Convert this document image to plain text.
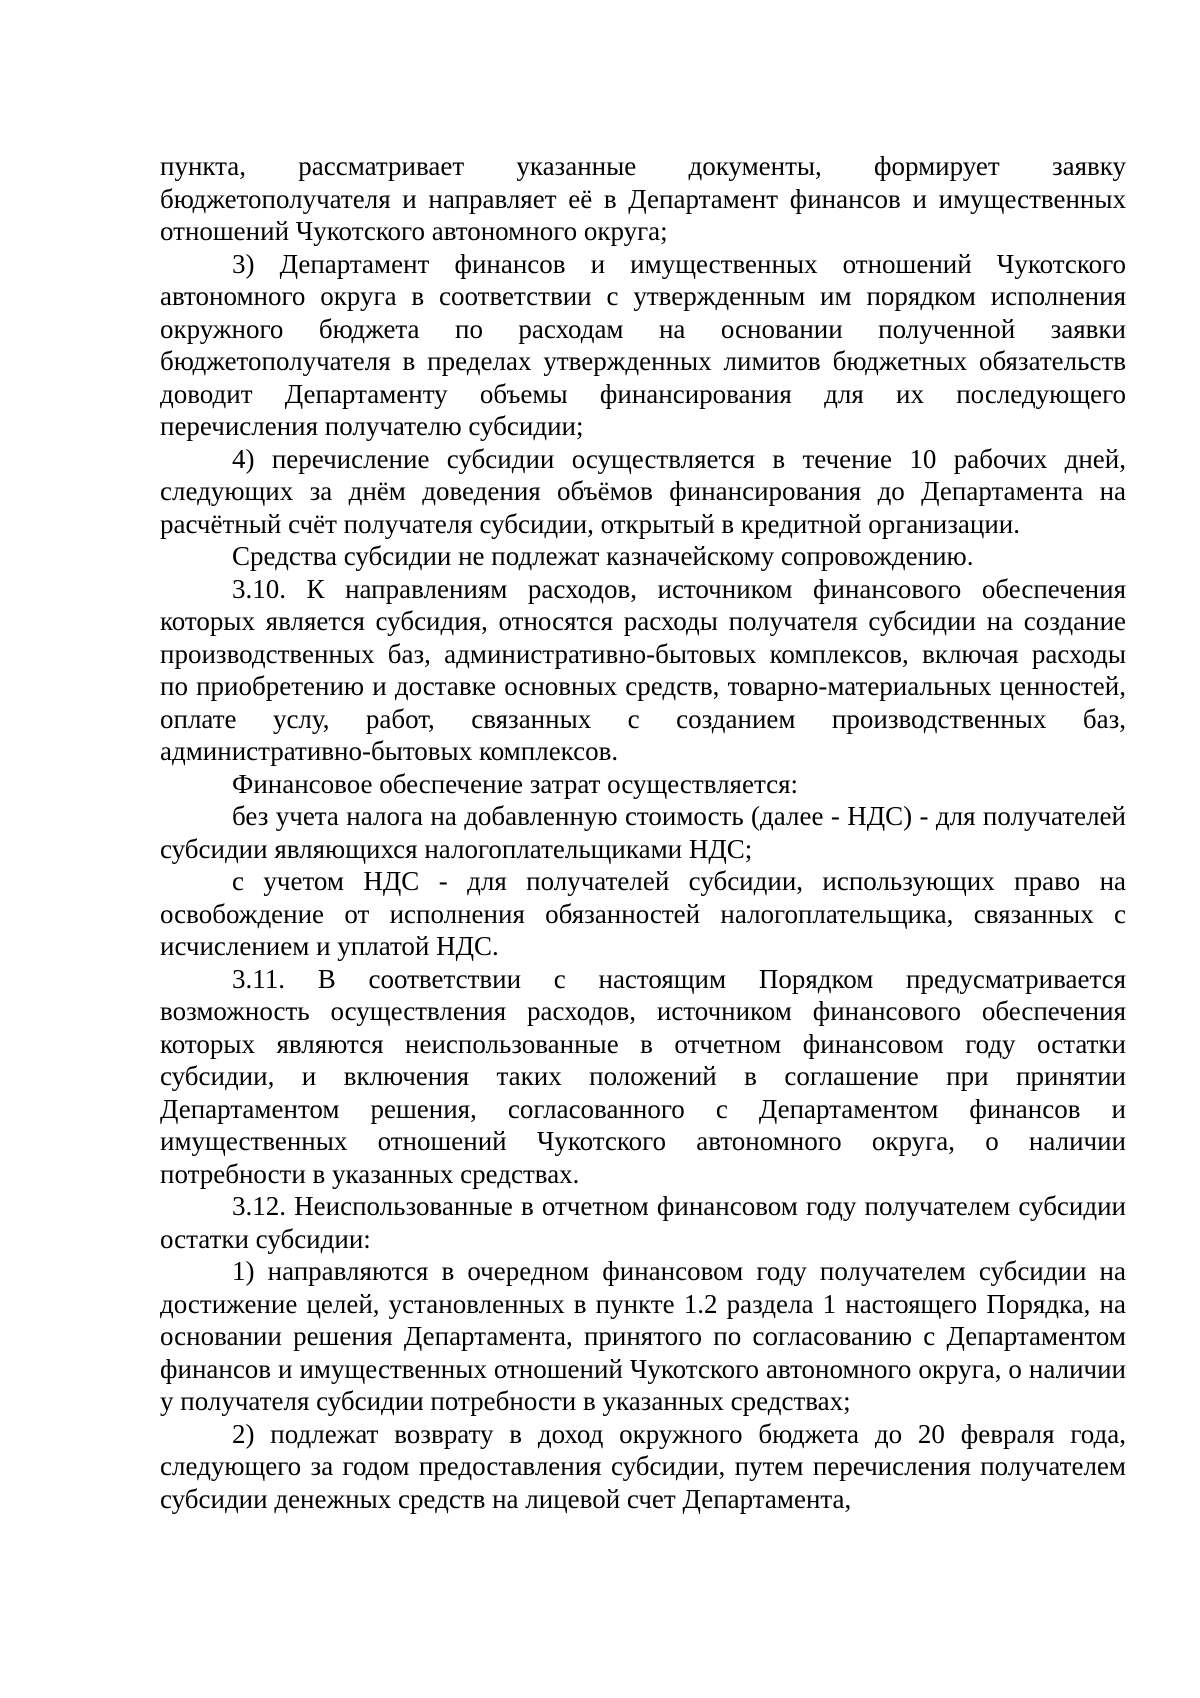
пункта, рассматривает указанные документы, формирует заявку бюджетополучателя и направляет её в Департамент финансов и имущественных отношений Чукотского автономного округа;

3) Департамент финансов и имущественных отношений Чукотского автономного округа в соответствии с утвержденным им порядком исполнения окружного бюджета по расходам на основании полученной заявки бюджетополучателя в пределах утвержденных лимитов бюджетных обязательств доводит Департаменту объемы финансирования для их последующего перечисления получателю субсидии;

4) перечисление субсидии осуществляется в течение 10 рабочих дней, следующих за днём доведения объёмов финансирования до Департамента на расчётный счёт получателя субсидии, открытый в кредитной организации.

Средства субсидии не подлежат казначейскому сопровождению.

3.10. К направлениям расходов, источником финансового обеспечения которых является субсидия, относятся расходы получателя субсидии на создание производственных баз, административно-бытовых комплексов, включая расходы по приобретению и доставке основных средств, товарно-материальных ценностей, оплате услу, работ, связанных с созданием производственных баз, административно-бытовых комплексов.

Финансовое обеспечение затрат осуществляется:

без учета налога на добавленную стоимость (далее - НДС) - для получателей субсидии являющихся налогоплательщиками НДС;

с учетом НДС - для получателей субсидии, использующих право на освобождение от исполнения обязанностей налогоплательщика, связанных с исчислением и уплатой НДС.

3.11. В соответствии с настоящим Порядком предусматривается возможность осуществления расходов, источником финансового обеспечения которых являются неиспользованные в отчетном финансовом году остатки субсидии, и включения таких положений в соглашение при принятии Департаментом решения, согласованного с Департаментом финансов и имущественных отношений Чукотского автономного округа, о наличии потребности в указанных средствах.

3.12. Неиспользованные в отчетном финансовом году получателем субсидии остатки субсидии:

1) направляются в очередном финансовом году получателем субсидии на достижение целей, установленных в пункте 1.2 раздела 1 настоящего Порядка, на основании решения Департамента, принятого по согласованию с Департаментом финансов и имущественных отношений Чукотского автономного округа, о наличии у получателя субсидии потребности в указанных средствах;

2) подлежат возврату в доход окружного бюджета до 20 февраля года, следующего за годом предоставления субсидии, путем перечисления получателем субсидии денежных средств на лицевой счет Департамента,
